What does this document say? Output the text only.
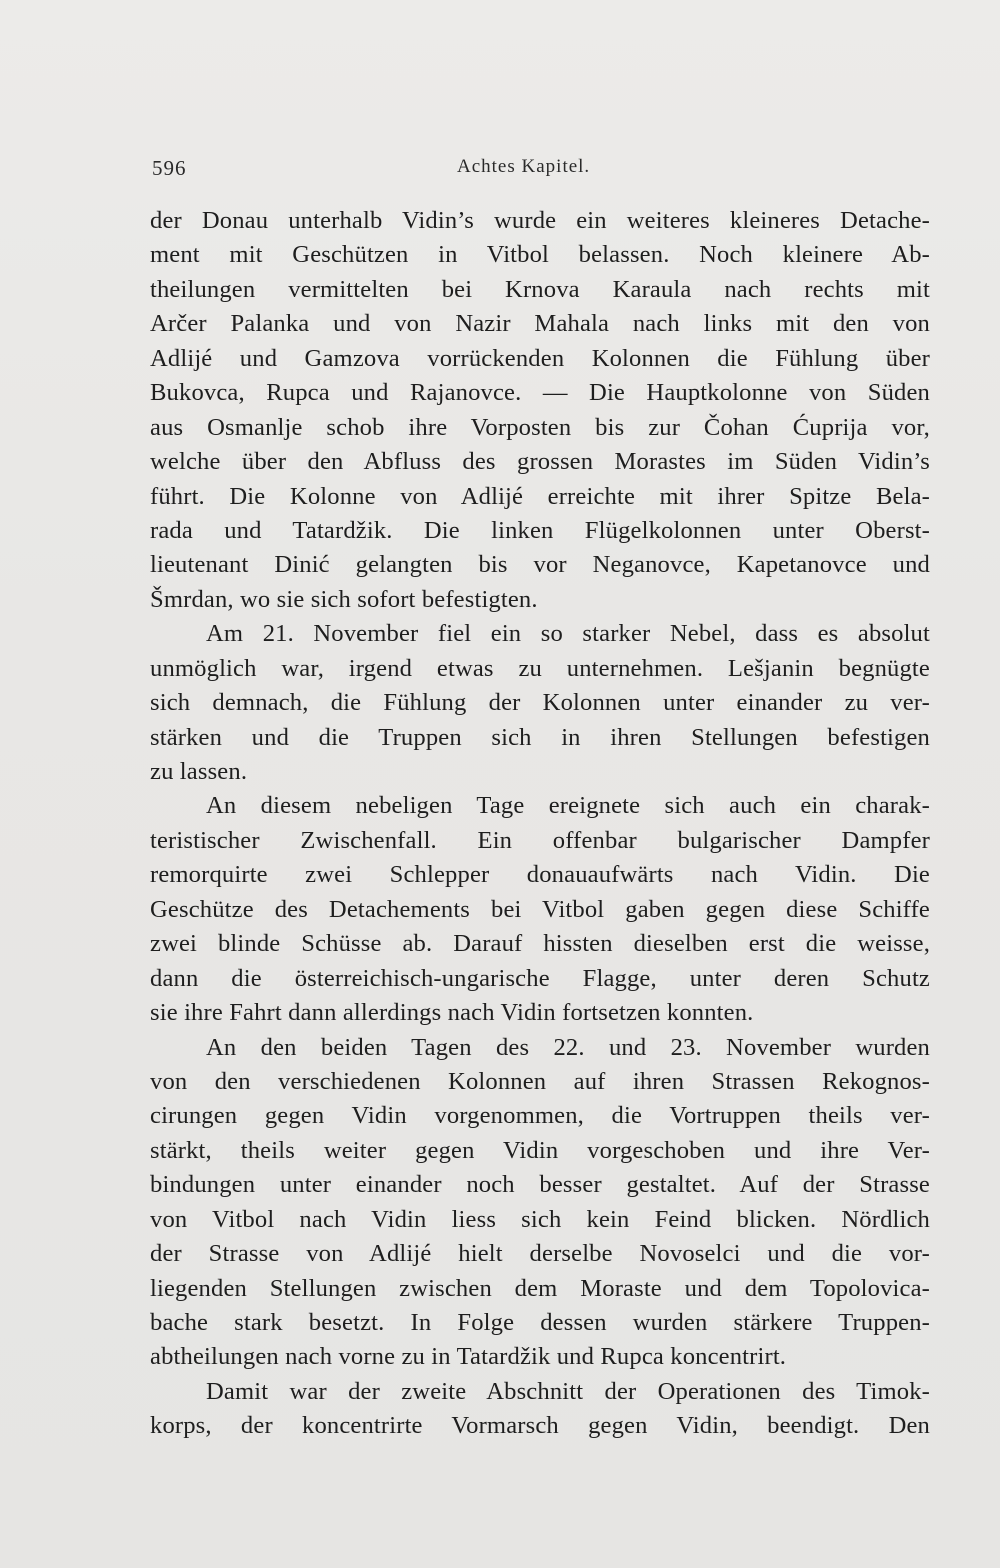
596	Achtes Kapitel.
der Donau unterhalb Vidin’s wurde ein weiteres kleineres Detache-
ment mit Geschützen in Vitbol belassen. Noch kleinere Ab-
theilungen vermittelten bei Krnova Karaula nach rechts mit
Arčer Palanka und von Nazir Mahala nach links mit den von
Adlijé und Gamzova vorrückenden Kolonnen die Fühlung über
Bukovca, Rupca und Rajanovce. — Die Hauptkolonne von Süden
aus Osmanlje schob ihre Vorposten bis zur Čohan Ćuprija vor,
welche über den Abfluss des grossen Morastes im Süden Vidin’s
führt. Die Kolonne von Adlijé erreichte mit ihrer Spitze Bela-
rada und Tatardžik. Die linken Flügelkolonnen unter Oberst-
lieutenant Dinić gelangten bis vor Neganovce, Kapetanovce und
Šmrdan, wo sie sich sofort befestigten.
Am 21. November fiel ein so starker Nebel, dass es absolut
unmöglich war, irgend etwas zu unternehmen. Lešjanin begnügte
sich demnach, die Fühlung der Kolonnen unter einander zu ver-
stärken und die Truppen sich in ihren Stellungen befestigen
zu lassen.
An diesem nebeligen Tage ereignete sich auch ein charak-
teristischer Zwischenfall. Ein offenbar bulgarischer Dampfer
remorquirte zwei Schlepper donauaufwärts nach Vidin. Die
Geschütze des Detachements bei Vitbol gaben gegen diese Schiffe
zwei blinde Schüsse ab. Darauf hissten dieselben erst die weisse,
dann die österreichisch-ungarische Flagge, unter deren Schutz
sie ihre Fahrt dann allerdings nach Vidin fortsetzen konnten.
An den beiden Tagen des 22. und 23. November wurden
von den verschiedenen Kolonnen auf ihren Strassen Rekognos-
cirungen gegen Vidin vorgenommen, die Vortruppen theils ver-
stärkt, theils weiter gegen Vidin vorgeschoben und ihre Ver-
bindungen unter einander noch besser gestaltet. Auf der Strasse
von Vitbol nach Vidin liess sich kein Feind blicken. Nördlich
der Strasse von Adlijé hielt derselbe Novoselci und die vor-
liegenden Stellungen zwischen dem Moraste und dem Topolovica-
bache stark besetzt. In Folge dessen wurden stärkere Truppen-
abtheilungen nach vorne zu in Tatardžik und Rupca koncentrirt.
Damit war der zweite Abschnitt der Operationen des Timok-
korps, der koncentrirte Vormarsch gegen Vidin, beendigt. Den
